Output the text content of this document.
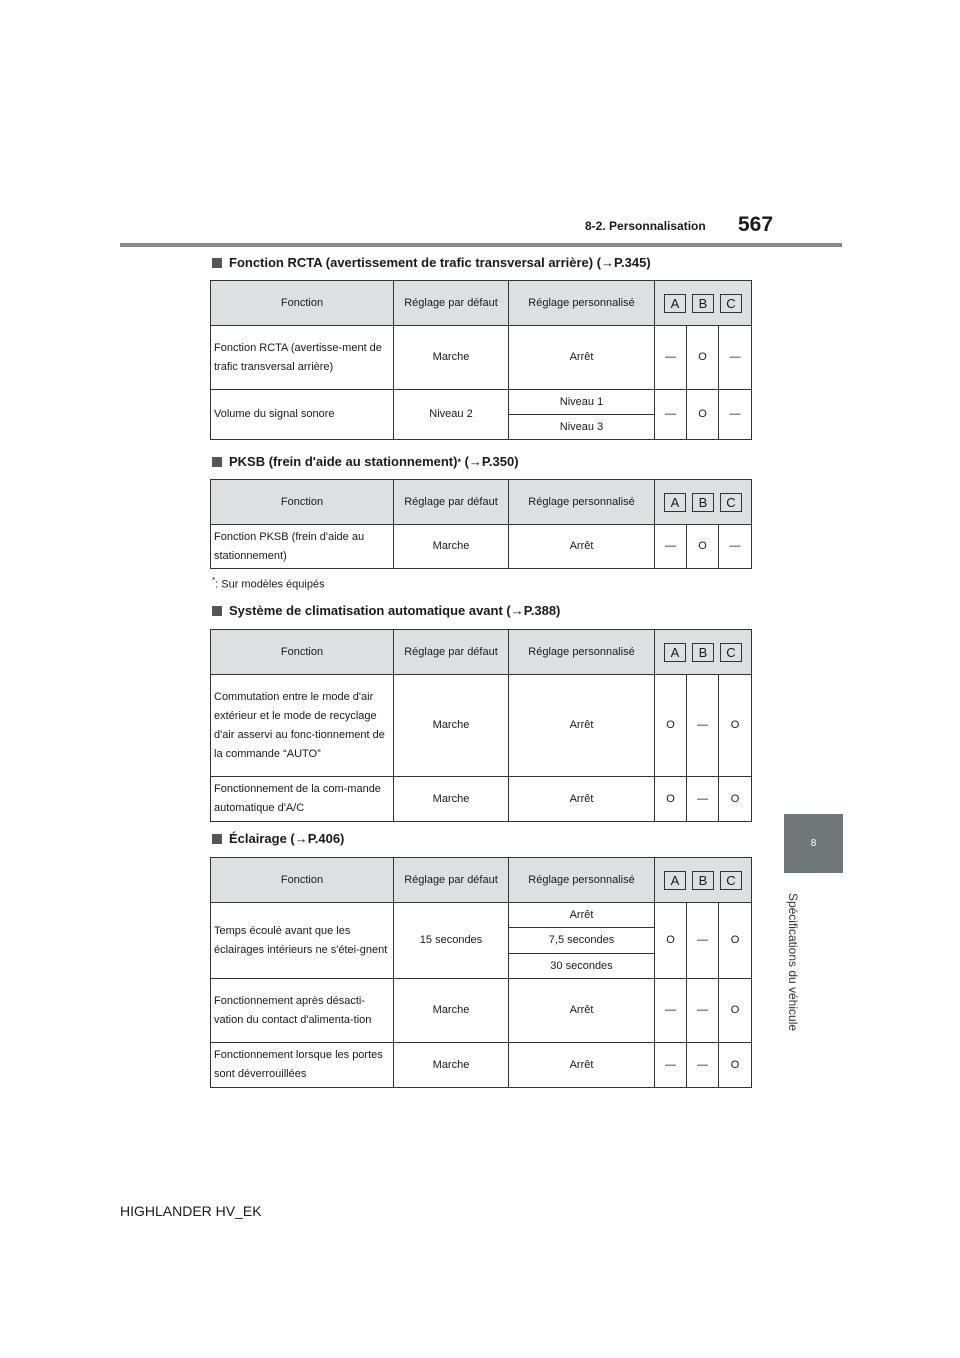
8-2. Personnalisation 567
8
Spécifications du véhicule
Fonction RCTA (avertissement de trafic transversal arrière) (→P.345)
Fonction	Réglage par défaut	Réglage personnalisé	A B C		

Fonction RCTA (avertisse-ment de trafic transversal arrière)	Marche	Arrêt	—	O	—
Volume du signal sonore	Niveau 2	Niveau 1	—	O	—
		Niveau 3			
PKSB (frein d'aide au stationnement) * (→P.350)
Fonction	Réglage par défaut	Réglage personnalisé	A B C		

Fonction PKSB (frein d'aide au stationnement)	Marche	Arrêt	—	O	—
*: Sur modèles équipés
Système de climatisation automatique avant (→P.388)
Fonction	Réglage par défaut	Réglage personnalisé	A B C		

Commutation entre le mode d'air extérieur et le mode de recyclage d'air asservi au fonc-tionnement de la commande “AUTO”	Marche	Arrêt	O	—	O
Fonctionnement de la com-mande automatique d'A/C	Marche	Arrêt	O	—	O
Éclairage (→P.406)
Fonction	Réglage par défaut	Réglage personnalisé	A B C		

Temps écoulé avant que les éclairages intérieurs ne s'étei-gnent	15 secondes	Arrêt	O	—	O
		7,5 secondes			
		30 secondes			
Fonctionnement après désacti-vation du contact d'alimenta-tion	Marche	Arrêt	—	—	O
Fonctionnement lorsque les portes sont déverrouillées	Marche	Arrêt	—	—	O
HIGHLANDER HV_EK
